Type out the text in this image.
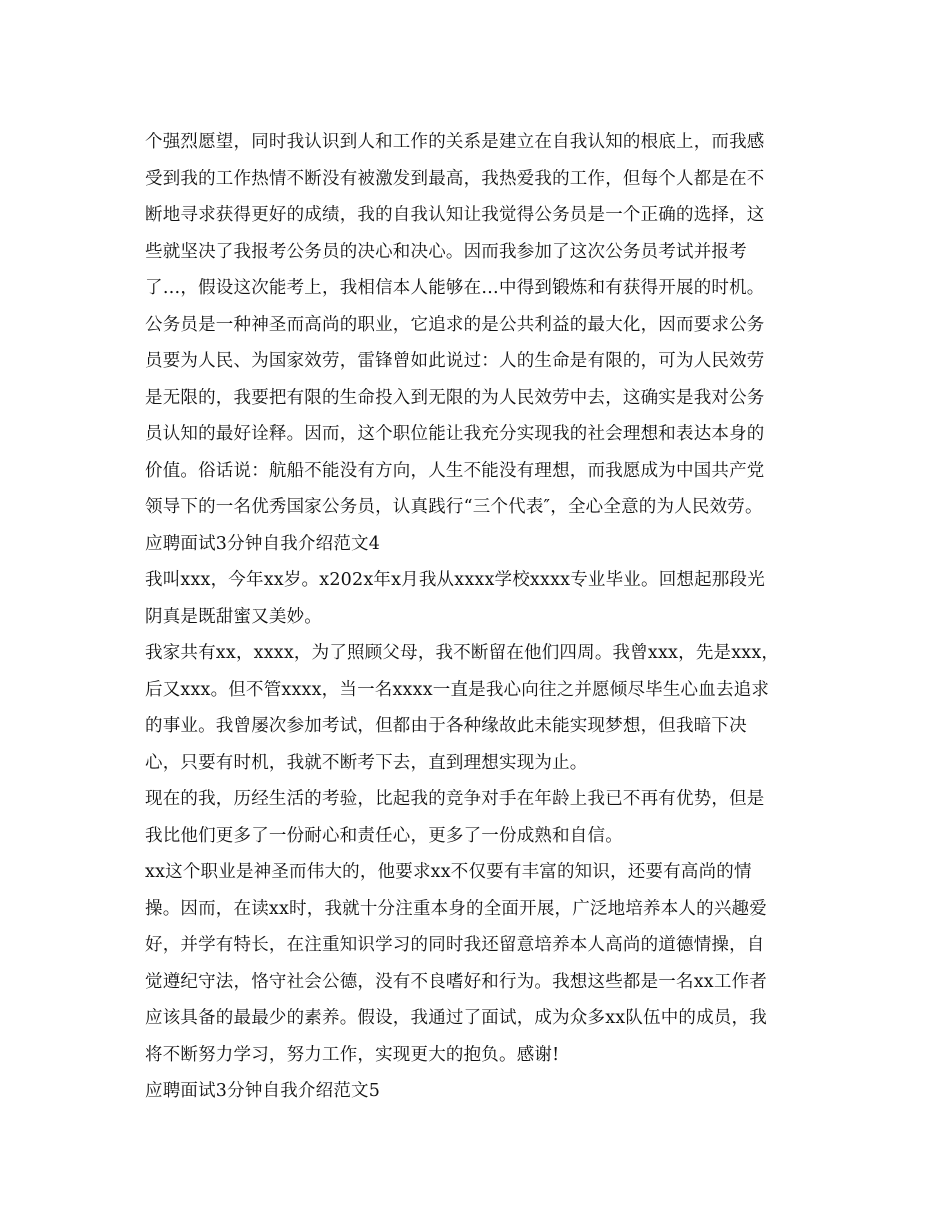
个强烈愿望，同时我认识到人和工作的关系是建立在自我认知的根底上，而我感
受到我的工作热情不断没有被激发到最高，我热爱我的工作，但每个人都是在不
断地寻求获得更好的成绩，我的自我认知让我觉得公务员是一个正确的选择，这
些就坚决了我报考公务员的决心和决心。因而我参加了这次公务员考试并报考
了…，假设这次能考上，我相信本人能够在…中得到锻炼和有获得开展的时机。
公务员是一种神圣而高尚的职业，它追求的是公共利益的最大化，因而要求公务
员要为人民、为国家效劳，雷锋曾如此说过：人的生命是有限的，可为人民效劳
是无限的，我要把有限的生命投入到无限的为人民效劳中去，这确实是我对公务
员认知的最好诠释。因而，这个职位能让我充分实现我的社会理想和表达本身的
价值。俗话说：航船不能没有方向，人生不能没有理想，而我愿成为中国共产党
领导下的一名优秀国家公务员，认真践行“三个代表″，全心全意的为人民效劳。
应聘面试3分钟自我介绍范文4
我叫xxx，今年xx岁。x202x年x月我从xxxx学校xxxx专业毕业。回想起那段光
阴真是既甜蜜又美妙。
我家共有xx，xxxx，为了照顾父母，我不断留在他们四周。我曾xxx，先是xxx，
后又xxx。但不管xxxx，当一名xxxx一直是我心向往之并愿倾尽毕生心血去追求
的事业。我曾屡次参加考试，但都由于各种缘故此未能实现梦想，但我暗下决
心，只要有时机，我就不断考下去，直到理想实现为止。
现在的我，历经生活的考验，比起我的竞争对手在年龄上我已不再有优势，但是
我比他们更多了一份耐心和责任心，更多了一份成熟和自信。
xx这个职业是神圣而伟大的，他要求xx不仅要有丰富的知识，还要有高尚的情
操。因而，在读xx时，我就十分注重本身的全面开展，广泛地培养本人的兴趣爱
好，并学有特长，在注重知识学习的同时我还留意培养本人高尚的道德情操，自
觉遵纪守法，恪守社会公德，没有不良嗜好和行为。我想这些都是一名xx工作者
应该具备的最最少的素养。假设，我通过了面试，成为众多xx队伍中的成员，我
将不断努力学习，努力工作，实现更大的抱负。感谢!
应聘面试3分钟自我介绍范文5
